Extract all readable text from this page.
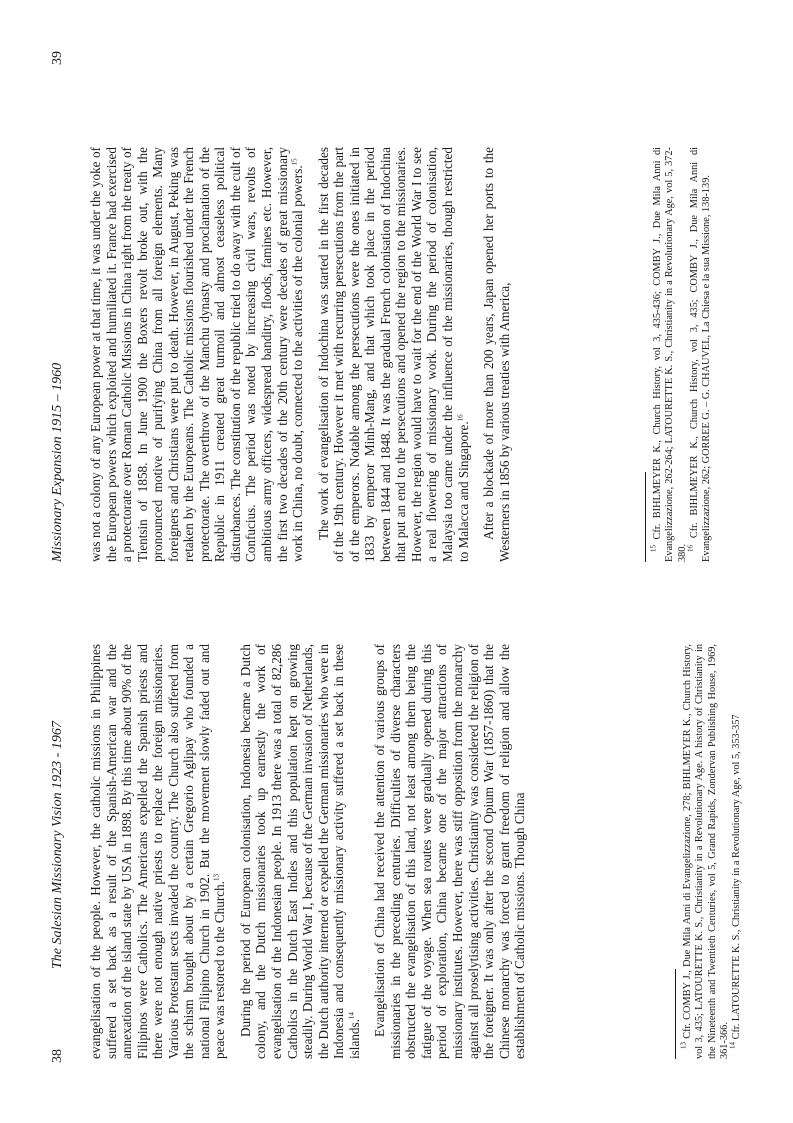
38
The Salesian Missionary Vision 1923 - 1967 evangelisation of the people. However, the catholic missions in Philippines suffered a set back as a result of the Spanish-American war and the annexation of the island state by USA in 1898. By this time about 90% of the Filipinos were Catholics. The Americans expelled the Spanish priests and there were not enough native priests to replace the foreign missionaries. Various Protestant sects invaded the country. The Church also suffered from the schism brought about by a certain Gregorio Aglipay who founded a national Filipino Church in 1902. But the movement slowly faded out and peace was restored to the Church.$^{13}$	During the period of European colonisation, Indonesia became a Dutch colony, and the Dutch missionaries took up earnestly the work of evangelisation of the Indonesian people. In 1913 there was a total of 82,286 Catholics in the Dutch East Indies and this population kept on growing steadily. During World War I, because of the German invasion of Netherlands, the Dutch authority interned or expelled the German missionaries who were in Indonesia and consequently missionary activity suffered a set back in these islands.$^{14}$	Evangelisation of China had received the attention of various groups of missionaries in the preceding centuries. Difficulties of diverse characters obstructed the evangelisation of this land, not least among them being the fatigue of the voyage. When sea routes were gradually opened during this period of exploration, China became one of the major attractions of missionary institutes. However, there was stiff opposition from the monarchy against all proselytising activities. Christianity was considered the religion of the foreigner. It was only after the second Opium War (1857-1860) that the Chinese monarchy was forced to grant freedom of religion and allow the establishment of Catholic missions. Though China	$^{13}$ Cfr. COMBY J., Due Mila Anni di Evangelizzazione, 278; BIHLMEYER K., Church History, vol 3, 435; LATOURETTE K. S., Christianity in a Revolutionary Age. A history of Christianity in the Nineteenth and Twentieth Centuries, vol 5, Grand Rapids, Zondervan Publishing House, 1969, 361-366.

$^{14}$ Cfr. LATOURETTE K. S., Christianity in a Revolutionary Age, vol 5, 353-357

Missionary Expansion 1915 – 1960
39

was not a colony of any European power at that time, it was under the yoke of the European powers which exploited and humiliated it. France had exercised a protectorate over Roman Catholic Missions in China right from the treaty of Tientsin of 1858. In June 1900 the Boxers revolt broke out, with the pronounced motive of purifying China from all foreign elements. Many foreigners and Christians were put to death. However, in August, Peking was retaken by the Europeans. The Catholic missions flourished under the French protectorate. The overthrow of the Manchu dynasty and proclamation of the Republic in 1911 created great turmoil and almost ceaseless political disturbances. The constitution of the republic tried to do away with the cult of Confucius. The period was noted by increasing civil wars, revolts of ambitious army officers, widespread banditry, floods, famines etc. However, the first two decades of the 20th century were decades of great missionary work in China, no doubt, connected to the activities of the colonial powers.$^{15}$	The work of evangelisation of Indochina was started in the first decades of the 19th century. However it met with recurring persecutions from the part of the emperors. Notable among the persecutions were the ones initiated in 1833 by emperor Minh-Mang, and that which took place in the period between 1844 and 1848. It was the gradual French colonisation of Indochina that put an end to the persecutions and opened the region to the missionaries. However, the region would have to wait for the end of the World War I to see a real flowering of missionary work. During the period of colonisation, Malaysia too came under the influence of the missionaries, though restricted to Malacca and Singapore.$^{16}$	After a blockade of more than 200 years, Japan opened her ports to the Westerners in 1856 by various treaties with America,	$^{15}$ Cfr. BIHLMEYER K., Church History, vol 3, 435-436; COMBY J., Due Mila Anni di Evangelizzazione, 262-264; LATOURETTE K. S., Christianity in a Revolutionary Age, vol 5, 372-380.

$^{16}$ Cfr. BIHLMEYER K., Church History, vol 3, 435; COMBY J., Due Mila Anni di Evangelizzazione, 262; GORREE G. – G. CHAUVEL, La Chiesa e la sua Missione, 138-139.
